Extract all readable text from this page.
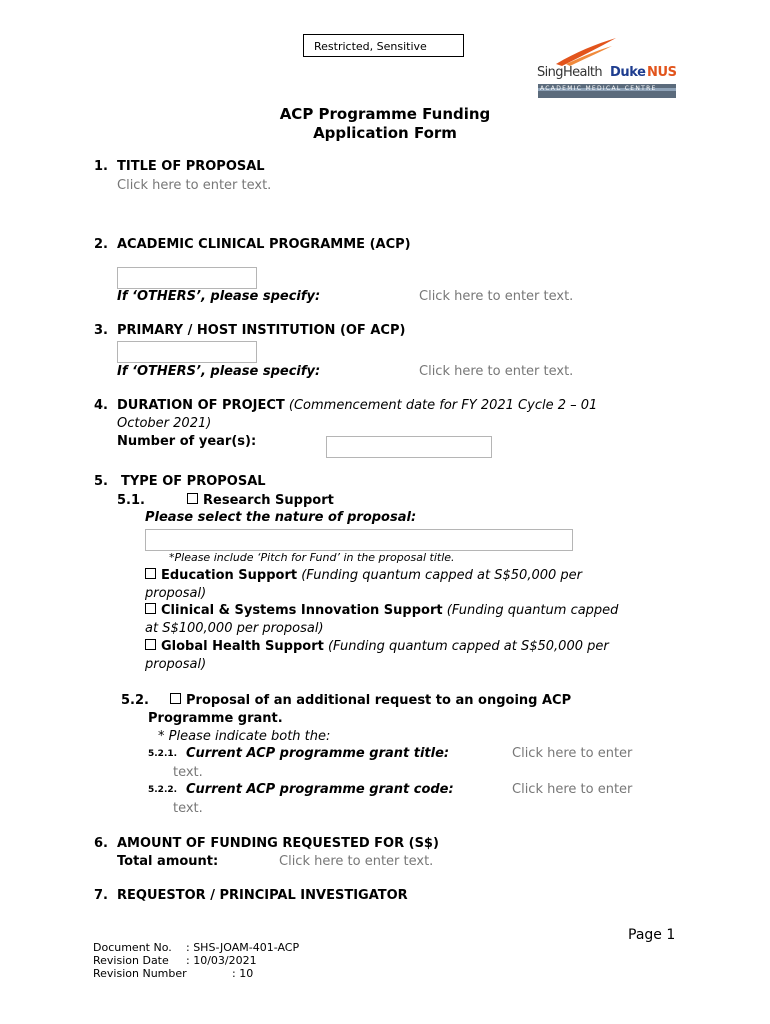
Restricted, Sensitive
SingHealth Duke NUS
ACADEMIC MEDICAL CENTRE
ACP Programme Funding
Application Form
1. TITLE OF PROPOSAL
Click here to enter text.
2. ACADEMIC CLINICAL PROGRAMME (ACP)
If ‘OTHERS’, please specify:	Click here to enter text.
3. PRIMARY / HOST INSTITUTION (OF ACP)
If ‘OTHERS’, please specify:	Click here to enter text.
4. DURATION OF PROJECT (Commencement date for FY 2021 Cycle 2 – 01
October 2021)
Number of year(s):
5. TYPE OF PROPOSAL
5.1.	Research Support
Please select the nature of proposal:
*Please include ‘Pitch for Fund’ in the proposal title.
Education Support (Funding quantum capped at S$50,000 per
proposal)
Clinical & Systems Innovation Support (Funding quantum capped
at S$100,000 per proposal)
Global Health Support (Funding quantum capped at S$50,000 per
proposal)
5.2.	Proposal of an additional request to an ongoing ACP
Programme grant.
* Please indicate both the:
5.2.1. Current ACP programme grant title:	Click here to enter
text.
5.2.2. Current ACP programme grant code:	Click here to enter
text.
6. AMOUNT OF FUNDING REQUESTED FOR (S$)
Total amount:	Click here to enter text.
7. REQUESTOR / PRINCIPAL INVESTIGATOR
Page 1
Document No. : SHS-JOAM-401-ACP
Revision Date : 10/03/2021
Revision Number	: 10
